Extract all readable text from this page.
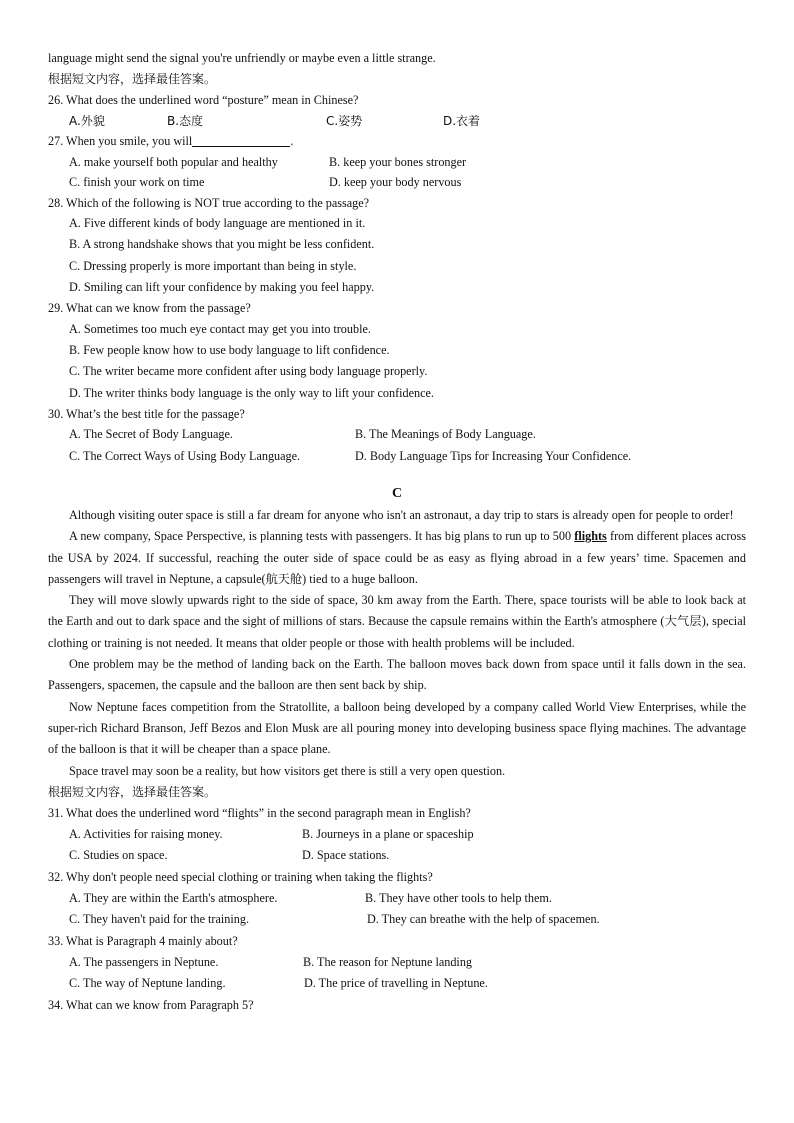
language might send the signal you're unfriendly or maybe even a little strange.
根据短文内容，选择最佳答案。
26. What does the underlined word “posture” mean in Chinese?
A.外貌	B.态度	C.姿势	D.衣着
27. When you smile, you will	.
A. make yourself both popular and healthy	B. keep your bones stronger
C. finish your work on time	D. keep your body nervous
28. Which of the following is NOT true according to the passage?
A. Five different kinds of body language are mentioned in it.
B. A strong handshake shows that you might be less confident.
C. Dressing properly is more important than being in style.
D. Smiling can lift your confidence by making you feel happy.
29. What can we know from the passage?
A. Sometimes too much eye contact may get you into trouble.
B. Few people know how to use body language to lift confidence.
C. The writer became more confident after using body language properly.
D. The writer thinks body language is the only way to lift your confidence.
30. What’s the best title for the passage?
A. The Secret of Body Language.	B. The Meanings of Body Language.
C. The Correct Ways of Using Body Language.	D. Body Language Tips for Increasing Your Confidence.
C

Although visiting outer space is still a far dream for anyone who isn't an astronaut, a day trip to stars is already open for people to order!

A new company, Space Perspective, is planning tests with passengers. It has big plans to run up to 500 flights from different places across the USA by 2024. If successful, reaching the outer side of space could be as easy as flying abroad in a few years’ time. Spacemen and passengers will travel in Neptune, a capsule(航天舱) tied to a huge balloon.

They will move slowly upwards right to the side of space, 30 km away from the Earth. There, space tourists will be able to look back at the Earth and out to dark space and the sight of millions of stars. Because the capsule remains within the Earth's atmosphere (大气层), special clothing or training is not needed. It means that older people or those with health problems will be included.

One problem may be the method of landing back on the Earth. The balloon moves back down from space until it falls down in the sea. Passengers, spacemen, the capsule and the balloon are then sent back by ship.

Now Neptune faces competition from the Stratollite, a balloon being developed by a company called World View Enterprises, while the super-rich Richard Branson, Jeff Bezos and Elon Musk are all pouring money into developing business space flying machines. The advantage of the balloon is that it will be cheaper than a space plane.

Space travel may soon be a reality, but how visitors get there is still a very open question.

根据短文内容，选择最佳答案。
31. What does the underlined word “flights” in the second paragraph mean in English?
A. Activities for raising money.	B. Journeys in a plane or spaceship
C. Studies on space.	D. Space stations.
32. Why don't people need special clothing or training when taking the flights?
A. They are within the Earth's atmosphere.	B. They have other tools to help them.
C. They haven't paid for the training.	D. They can breathe with the help of spacemen.
33. What is Paragraph 4 mainly about?
A. The passengers in Neptune.	B. The reason for Neptune landing
C. The way of Neptune landing.	D. The price of travelling in Neptune.
34. What can we know from Paragraph 5?
